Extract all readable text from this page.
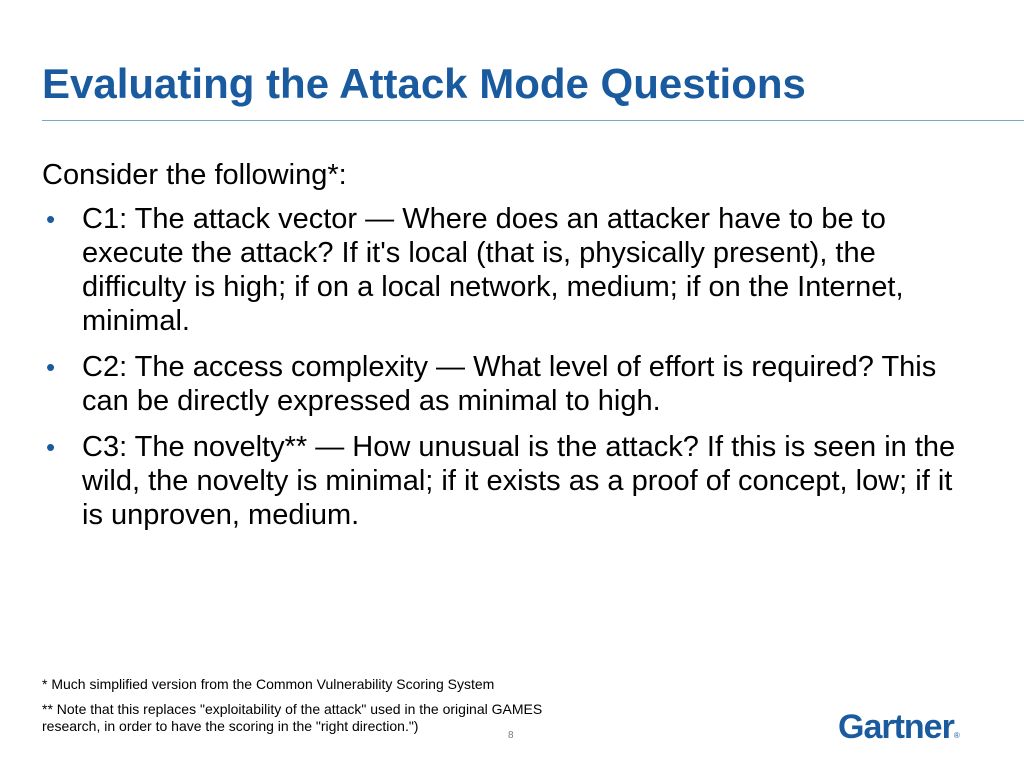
Evaluating the Attack Mode Questions

Consider the following*:

• C1: The attack vector — Where does an attacker have to be to execute the attack? If it's local (that is, physically present), the difficulty is high; if on a local network, medium; if on the Internet, minimal.
• C2: The access complexity — What level of effort is required? This can be directly expressed as minimal to high.
• C3: The novelty** — How unusual is the attack? If this is seen in the wild, the novelty is minimal; if it exists as a proof of concept, low; if it is unproven, medium.

* Much simplified version from the Common Vulnerability Scoring System

** Note that this replaces "exploitability of the attack" used in the original GAMES research, in order to have the scoring in the "right direction.")

8	Gartner®
